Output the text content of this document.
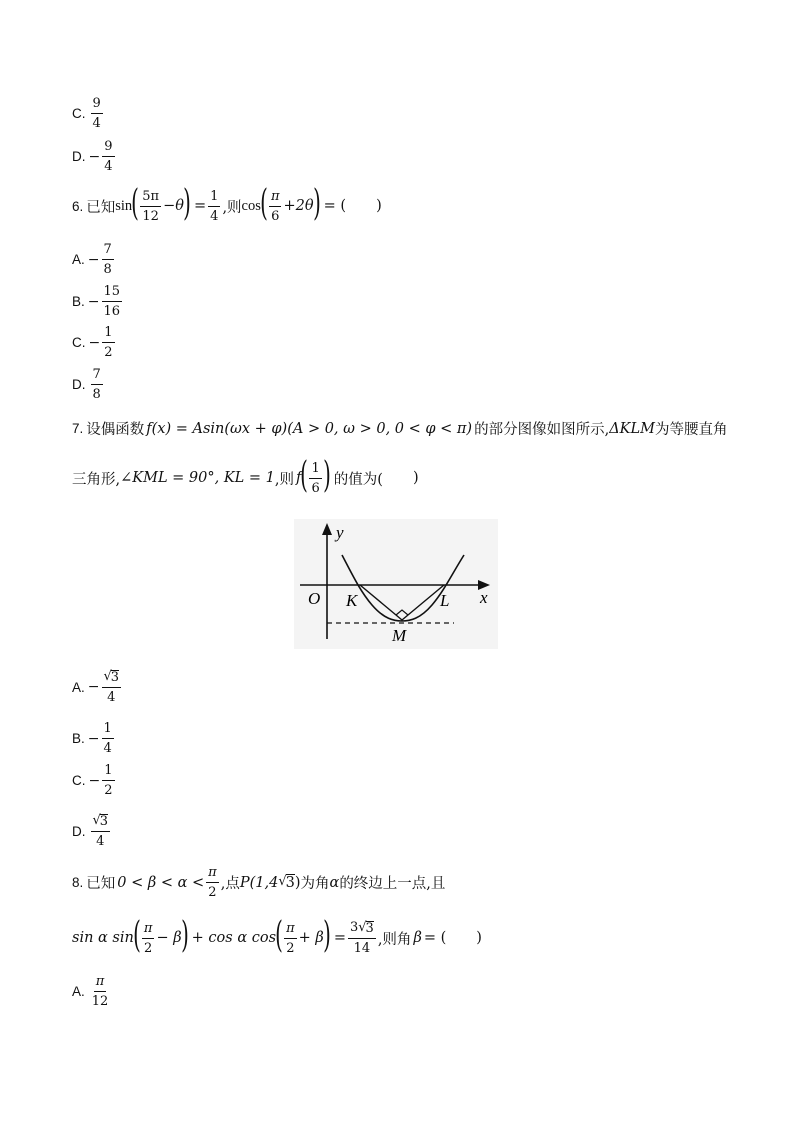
C. $\frac{9}{4}$
D. − $\frac{9}{4}$
6. 已知 sin ( $\frac{5\pi}{12} -\theta$ ) = $\frac{1}{4}$ ,则 cos ( $\frac{\pi}{6} +2\theta$ ) = ( )
A. − $\frac{7}{8}$
B. − $\frac{15}{16}$
C. − $\frac{1}{2}$
D. $\frac{7}{8}$
7. 设偶函数 f(x) = Asin(ωx + φ)(A > 0, ω > 0, 0 < φ < π) 的部分图像如图所示, ΔKLM 为等腰直角
三角形, ∠KML = 90°, KL = 1 ,则 f ( $\frac{1}{6}$ ) 的值为( )
y
x
O K	L
M
A. − $\frac{√ 3}{4}$
B. − $\frac{1}{4}$
C. − $\frac{1}{2}$
D. $\frac{√ 3}{4}$
8. 已知 $0 < \beta < \alpha < \frac{\pi}{2}$ ,点 P(1,4 √ 3 ) 为角 α 的终边上一点,且
sin α sin ( $\frac{\pi}{2} - \beta$ ) + cos α cos ( $\frac{\pi}{2} + \beta$ ) = $\frac{3 √ 3}{14}$ ,则角 β = ( )
A. $\frac{\pi}{12}$
